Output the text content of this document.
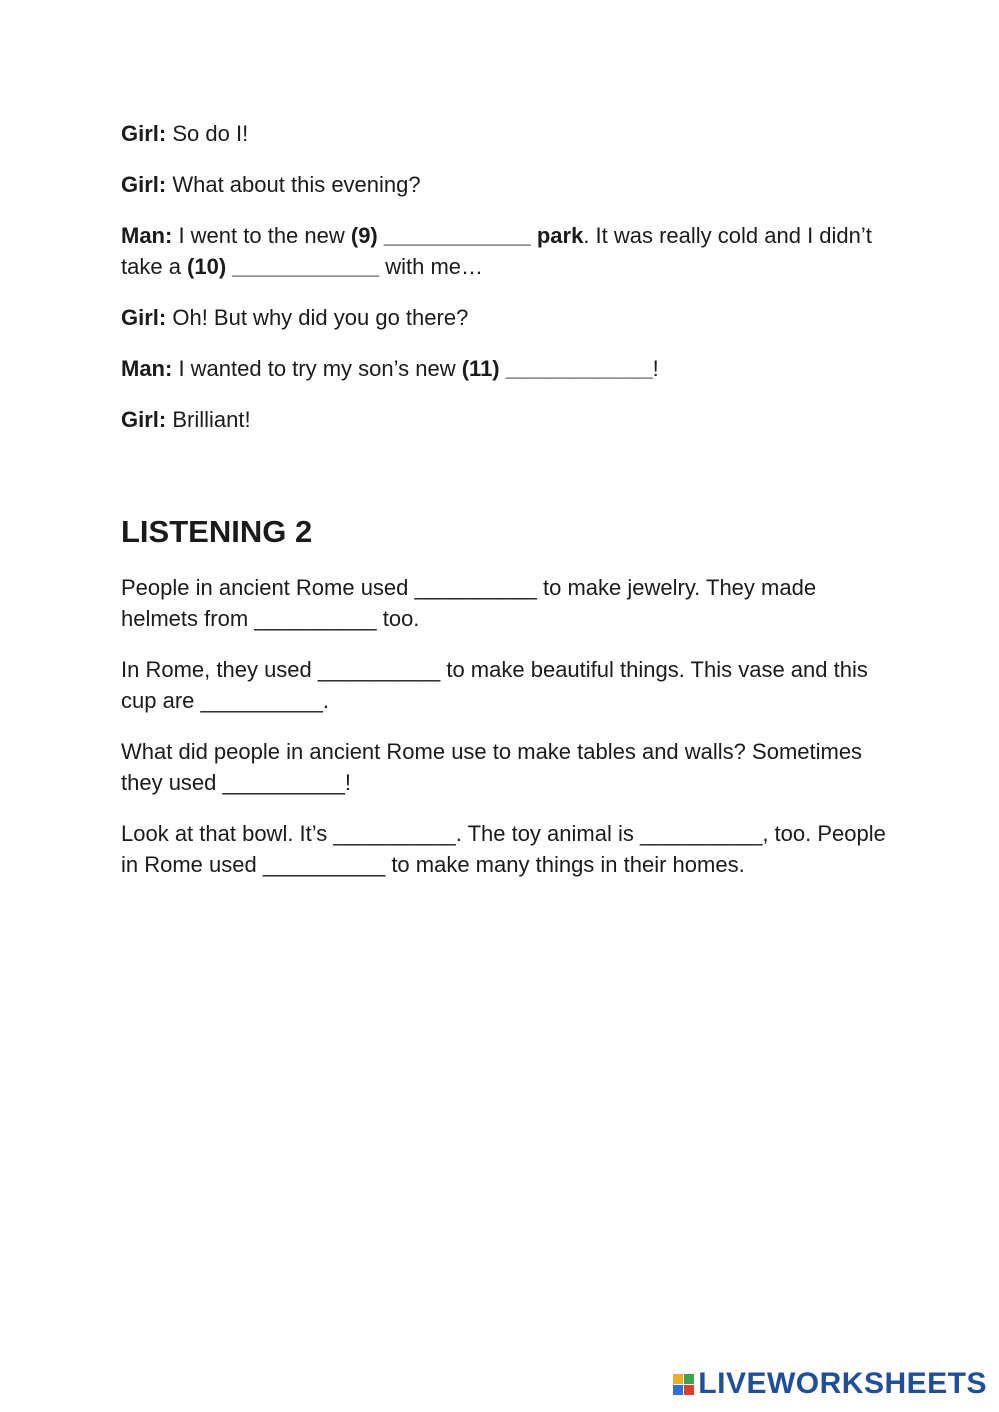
Girl: So do I!

Girl: What about this evening?

Man: I went to the new (9) ____________ park. It was really cold and I didn’t take a (10) ____________ with me…

Girl: Oh! But why did you go there?

Man: I wanted to try my son’s new (11) ____________!

Girl: Brilliant!

LISTENING 2

People in ancient Rome used __________ to make jewelry. They made helmets from __________ too.

In Rome, they used __________ to make beautiful things. This vase and this cup are __________.

What did people in ancient Rome use to make tables and walls? Sometimes they used __________!

Look at that bowl. It’s __________. The toy animal is __________, too. People in Rome used __________ to make many things in their homes.

LIVEWORKSHEETS
